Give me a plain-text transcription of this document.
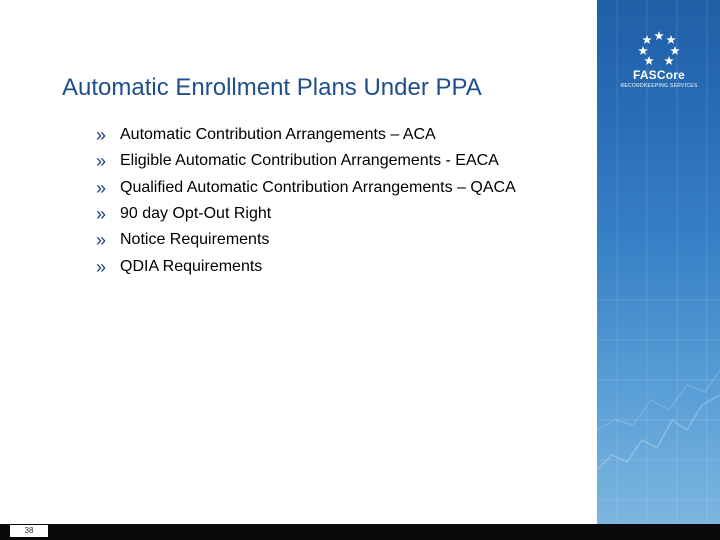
FASCore
RECORDKEEPING SERVICES
Automatic Enrollment Plans Under PPA
» Automatic Contribution Arrangements – ACA
» Eligible Automatic Contribution Arrangements - EACA
» Qualified Automatic Contribution Arrangements – QACA
» 90 day Opt-Out Right
» Notice Requirements
» QDIA Requirements
38
